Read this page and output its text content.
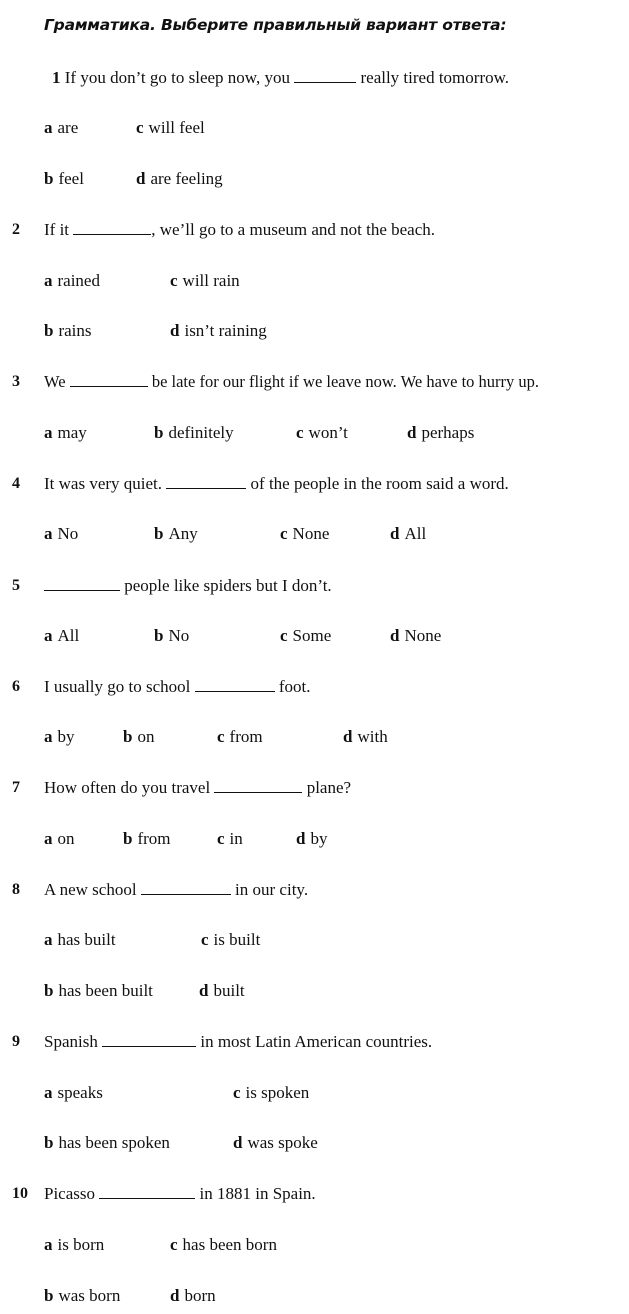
Грамматика. Выберите правильный вариант ответа:
1 If you don’t go to sleep now, you	really tired tomorrow.
a are	c will feel
b feel	d are feeling
2 If it	, we’ll go to a museum and not the beach.
a rained	c will rain
b rains	d isn’t raining
3 We	be late for our flight if we leave now. We have to hurry up.
a may	b definitely	c won’t	d perhaps
4 It was very quiet.	of the people in the room said a word.
a No	b Any	c None	d All
5	people like spiders but I don’t.
a All	b No	c Some	d None
6 I usually go to school	foot.
a by	b on	c from	d with
7 How often do you travel	plane?
a on	b from	c in	d by
8 A new school	in our city.
a has built	c is built
b has been built	d built
9 Spanish	in most Latin American countries.
a speaks	c is spoken
b has been spoken	d was spoke
10 Picasso	in 1881 in Spain.
a is born	c has been born
b was born	d born
